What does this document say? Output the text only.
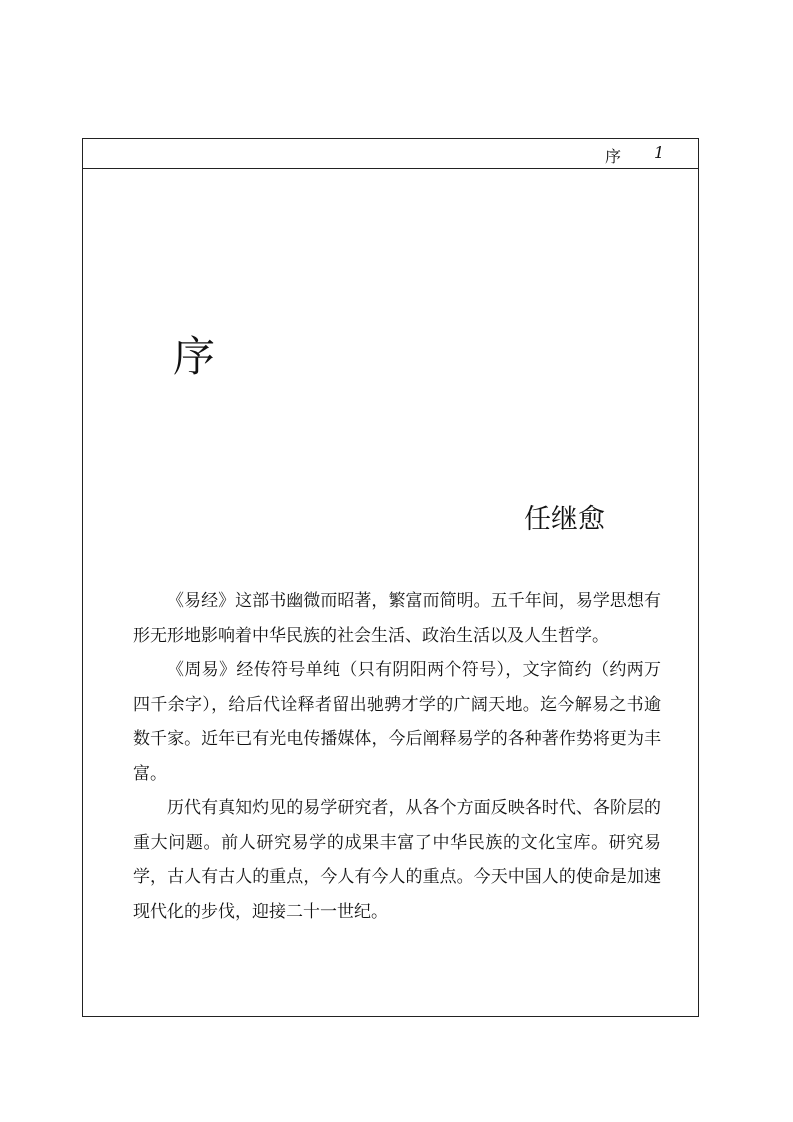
序 1
序
任继愈

《易经》这部书幽微而昭著，繁富而简明。五千年间，易学思想有形无形地影响着中华民族的社会生活、政治生活以及人生哲学。

《周易》经传符号单纯（只有阴阳两个符号），文字简约（约两万四千余字），给后代诠释者留出驰骋才学的广阔天地。迄今解易之书逾数千家。近年已有光电传播媒体，今后阐释易学的各种著作势将更为丰富。

历代有真知灼见的易学研究者，从各个方面反映各时代、各阶层的重大问题。前人研究易学的成果丰富了中华民族的文化宝库。研究易学，古人有古人的重点，今人有今人的重点。今天中国人的使命是加速现代化的步伐，迎接二十一世纪。
